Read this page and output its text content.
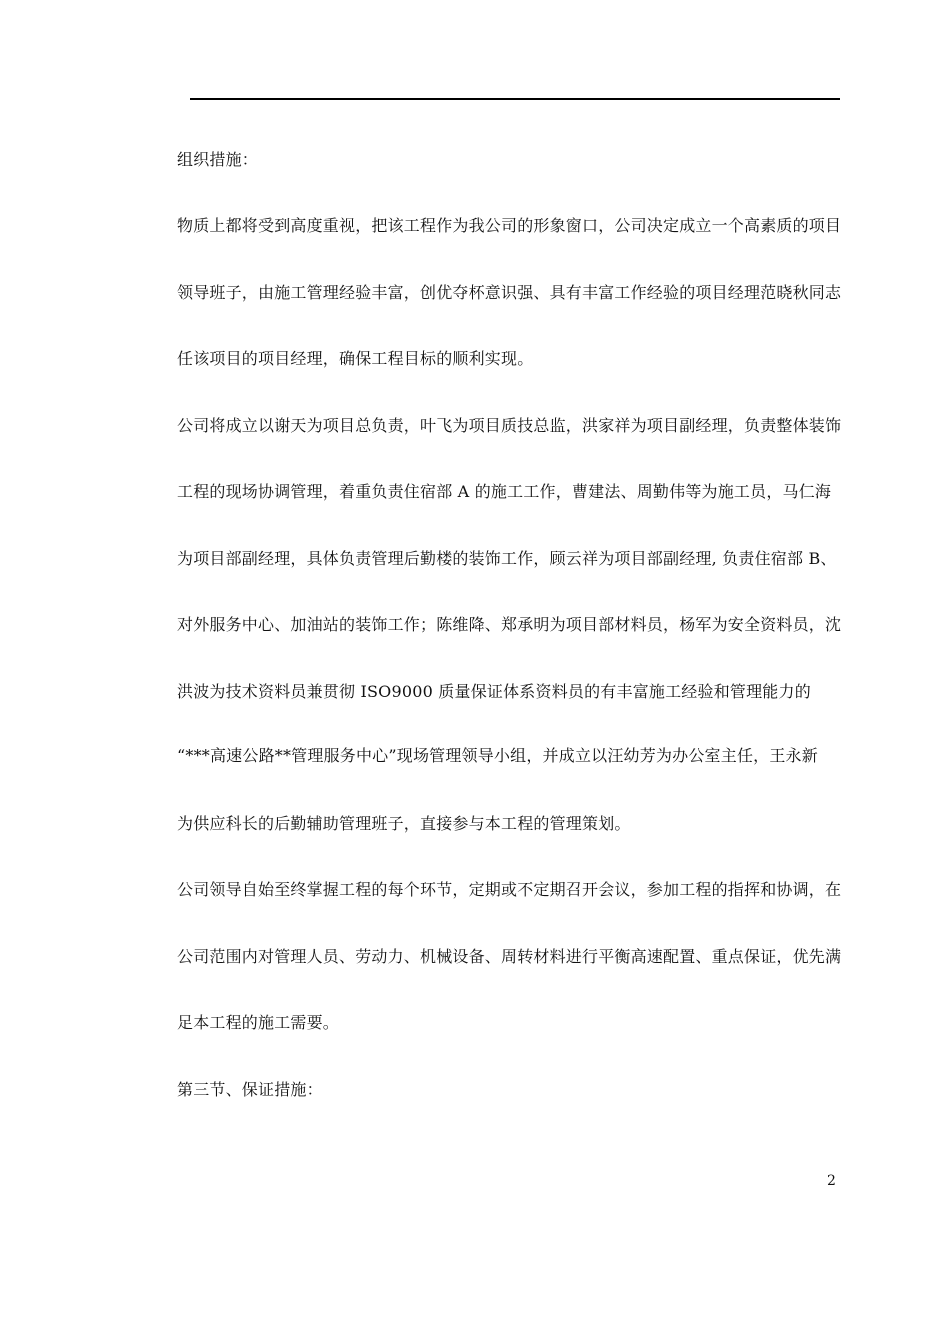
组织措施：
物质上都将受到高度重视，把该工程作为我公司的形象窗口，公司决定成立一个高素质的项目
领导班子，由施工管理经验丰富，创优夺杯意识强、具有丰富工作经验的项目经理范晓秋同志
任该项目的项目经理，确保工程目标的顺利实现。
公司将成立以谢天为项目总负责，叶飞为项目质技总监，洪家祥为项目副经理，负责整体装饰
工程的现场协调管理，着重负责住宿部 A 的施工工作，曹建法、周勤伟等为施工员，马仁海
为项目部副经理，具体负责管理后勤楼的装饰工作，顾云祥为项目部副经理, 负责住宿部 B、
对外服务中心、加油站的装饰工作；陈维降、郑承明为项目部材料员，杨军为安全资料员，沈
洪波为技术资料员兼贯彻 ISO9000 质量保证体系资料员的有丰富施工经验和管理能力的
“***高速公路**管理服务中心”现场管理领导小组，并成立以汪幼芳为办公室主任，王永新
为供应科长的后勤辅助管理班子，直接参与本工程的管理策划。
公司领导自始至终掌握工程的每个环节，定期或不定期召开会议，参加工程的指挥和协调，在
公司范围内对管理人员、劳动力、机械设备、周转材料进行平衡高速配置、重点保证，优先满
足本工程的施工需要。
第三节、保证措施：
2
